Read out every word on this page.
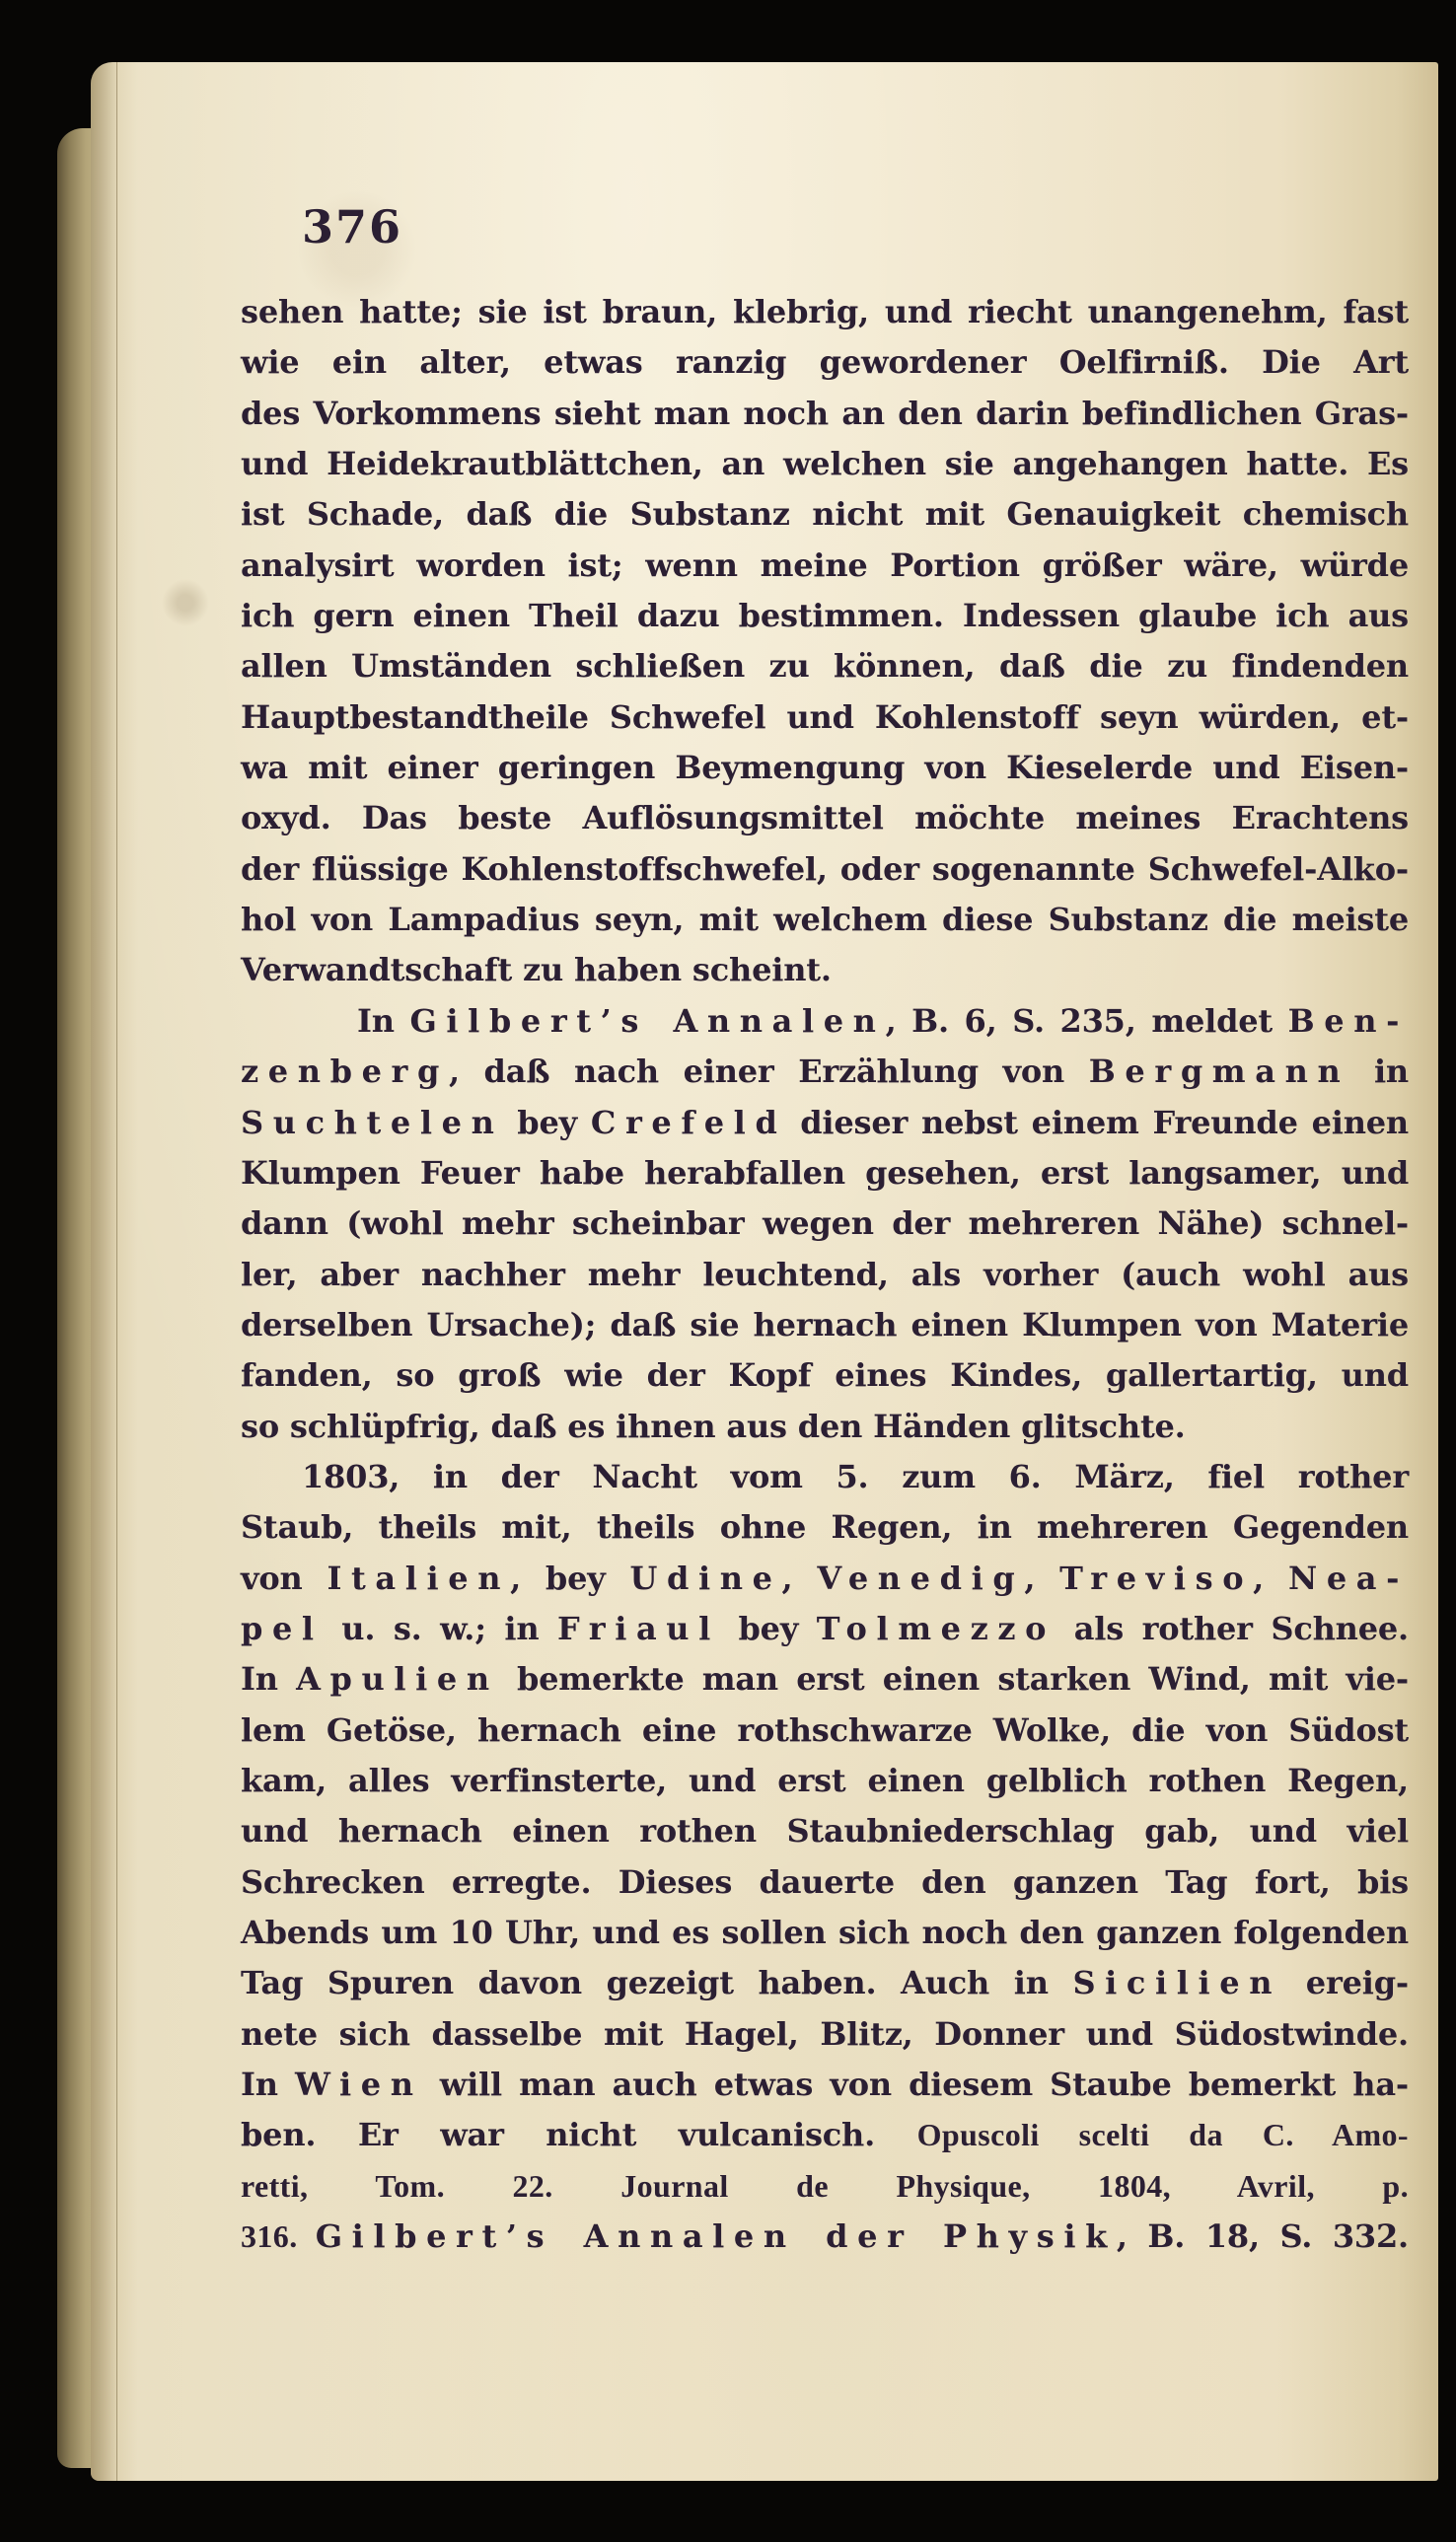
376
sehen hatte; sie ist braun, klebrig, und riecht unangenehm, fast
wie ein alter, etwas ranzig gewordener Oelfirniß. Die Art
des Vorkommens sieht man noch an den darin befindlichen Gras-
und Heidekrautblättchen, an welchen sie angehangen hatte. Es
ist Schade, daß die Substanz nicht mit Genauigkeit chemisch
analysirt worden ist; wenn meine Portion größer wäre, würde
ich gern einen Theil dazu bestimmen. Indessen glaube ich aus
allen Umständen schließen zu können, daß die zu findenden
Hauptbestandtheile Schwefel und Kohlenstoff seyn würden, et-
wa mit einer geringen Beymengung von Kieselerde und Eisen-
oxyd. Das beste Auflösungsmittel möchte meines Erachtens
der flüssige Kohlenstoffschwefel, oder sogenannte Schwefel-Alko-
hol von Lampadius seyn, mit welchem diese Substanz die meiste
Verwandtschaft zu haben scheint.
In Gilbert’s Annalen, B. 6, S. 235, meldet Ben-
zenberg, daß nach einer Erzählung von Bergmann in
Suchtelen bey Crefeld dieser nebst einem Freunde einen
Klumpen Feuer habe herabfallen gesehen, erst langsamer, und
dann (wohl mehr scheinbar wegen der mehreren Nähe) schnel-
ler, aber nachher mehr leuchtend, als vorher (auch wohl aus
derselben Ursache); daß sie hernach einen Klumpen von Materie
fanden, so groß wie der Kopf eines Kindes, gallertartig, und
so schlüpfrig, daß es ihnen aus den Händen glitschte.
1803, in der Nacht vom 5. zum 6. März, fiel rother
Staub, theils mit, theils ohne Regen, in mehreren Gegenden
von Italien, bey Udine, Venedig, Treviso, Nea-
pel u. s. w.; in Friaul bey Tolmezzo als rother Schnee.
In Apulien bemerkte man erst einen starken Wind, mit vie-
lem Getöse, hernach eine rothschwarze Wolke, die von Südost
kam, alles verfinsterte, und erst einen gelblich rothen Regen,
und hernach einen rothen Staubniederschlag gab, und viel
Schrecken erregte. Dieses dauerte den ganzen Tag fort, bis
Abends um 10 Uhr, und es sollen sich noch den ganzen folgenden
Tag Spuren davon gezeigt haben. Auch in Sicilien ereig-
nete sich dasselbe mit Hagel, Blitz, Donner und Südostwinde.
In Wien will man auch etwas von diesem Staube bemerkt ha-
ben. Er war nicht vulcanisch. Opuscoli scelti da C. Amo-
retti, Tom. 22. Journal de Physique, 1804, Avril, p.
316. Gilbert’s Annalen der Physik, B. 18, S. 332.
